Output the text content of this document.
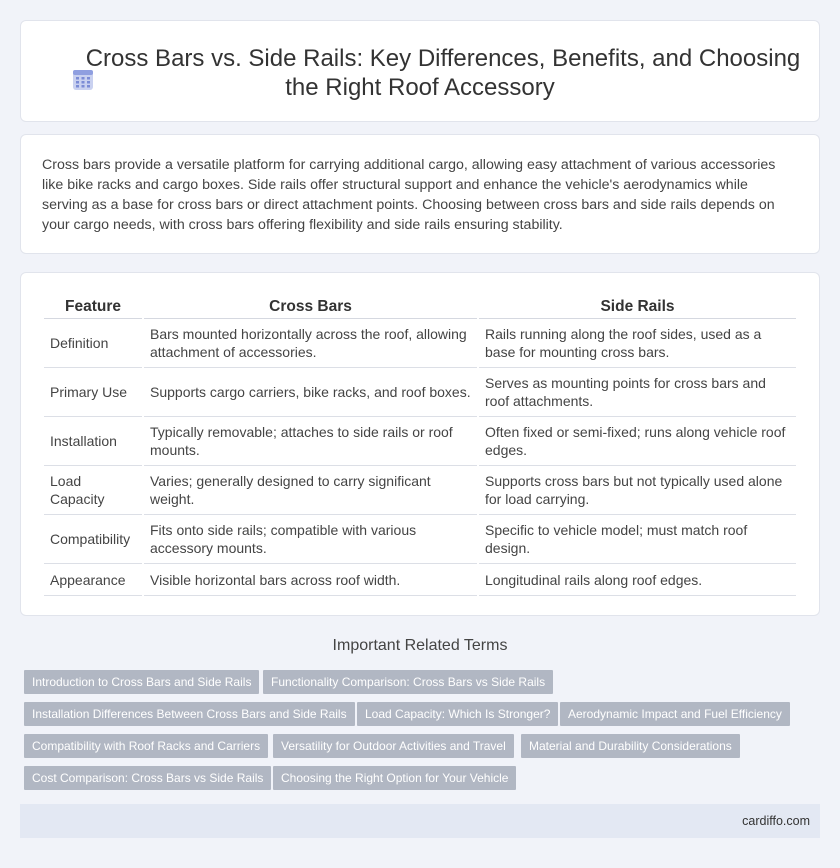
Cross Bars vs. Side Rails: Key Differences, Benefits, and Choosing
the Right Roof Accessory

Cross bars provide a versatile platform for carrying additional cargo, allowing easy attachment of various accessories like bike racks and cargo boxes. Side rails offer structural support and enhance the vehicle's aerodynamics while serving as a base for cross bars or direct attachment points. Choosing between cross bars and side rails depends on your cargo needs, with cross bars offering flexibility and side rails ensuring stability.

Feature	Cross Bars	Side Rails
Definition	Bars mounted horizontally across the roof, allowing attachment of accessories.	Rails running along the roof sides, used as a base for mounting cross bars.
Primary Use	Supports cargo carriers, bike racks, and roof boxes.	Serves as mounting points for cross bars and roof attachments.
Installation	Typically removable; attaches to side rails or roof mounts.	Often fixed or semi-fixed; runs along vehicle roof edges.
Load Capacity	Varies; generally designed to carry significant weight.	Supports cross bars but not typically used alone for load carrying.
Compatibility	Fits onto side rails; compatible with various accessory mounts.	Specific to vehicle model; must match roof design.
Appearance	Visible horizontal bars across roof width.	Longitudinal rails along roof edges.
Important Related Terms
Introduction to Cross Bars and Side Rails	Functionality Comparison: Cross Bars vs Side Rails
Installation Differences Between Cross Bars and Side Rails	Load Capacity: Which Is Stronger?	Aerodynamic Impact and Fuel Efficiency
Compatibility with Roof Racks and Carriers	Versatility for Outdoor Activities and Travel	Material and Durability Considerations
Cost Comparison: Cross Bars vs Side Rails	Choosing the Right Option for Your Vehicle
cardiffo.com
